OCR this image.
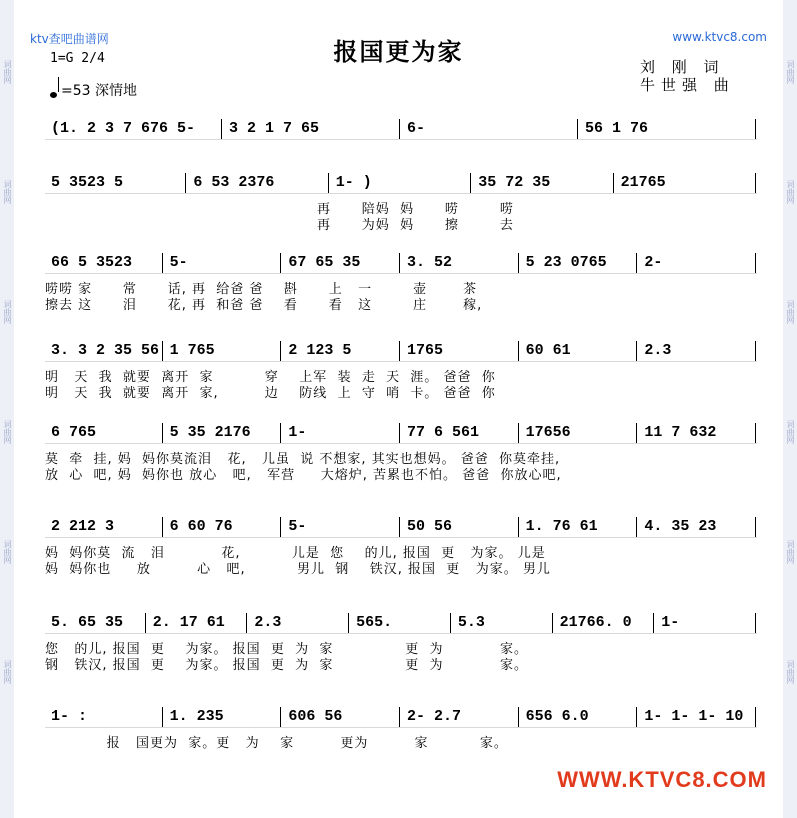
词曲网
词曲网
词曲网
词曲网
词曲网
词曲网
词曲网
词曲网
词曲网
词曲网
词曲网
词曲网
ktv查吧曲谱网	www.ktvc8.com
报国更为家
1=G 2/4
=53 深情地
刘 刚 词
牛世强 曲
(1. 2 3 7 676 5- 3 2 1 7 65	6-	56 1 76
5 3523 5	6 53 2376	1- )	35 72 35	21765
再      陪妈  妈      唠        唠
再      为妈  妈      擦        去
66 5 3523	5-	67 65 35	3. 52	5 23 0765	2-
唠唠 家      常      话, 再  给爸 爸    斟      上   一        壶       茶
擦去 这      泪      花, 再  和爸 爸    看      看   这        庄       稼,
3. 3 2 35 56 1 765	2 123 5	1765	60 61	2.3
明   天  我  就要  离开  家          穿    上军  装  走  天  涯。 爸爸  你
明   天  我  就要  离开  家,         边    防线  上  守  哨  卡。 爸爸  你
6 765	5 35 2176	1-	77 6 561	17656	11 7 632
莫  牵  挂, 妈  妈你莫流泪   花,   儿虽  说 不想家, 其实也想妈。 爸爸  你莫牵挂,
放  心  吧, 妈  妈你也 放心   吧,   军营     大熔炉, 苦累也不怕。 爸爸  你放心吧,
2 212 3	6 60 76	5-	50 56	1. 76 61	4. 35 23
妈  妈你莫  流   泪           花,          儿是  您    的儿, 报国  更   为家。 儿是
妈  妈你也     放         心   吧,          男儿  钢    铁汉, 报国  更   为家。 男儿
5. 65 35 2. 17 61 2.3	565.	5.3	21766. 0 1-
您   的儿, 报国  更    为家。 报国  更  为  家              更  为           家。
钢   铁汉, 报国  更    为家。 报国  更  为  家              更  为           家。
1- :	1. 235	606 56	2- 2.7	656 6.0	1- 1- 1- 10
报   国更为  家。更   为    家         更为         家          家。
WWW.KTVC8.COM
